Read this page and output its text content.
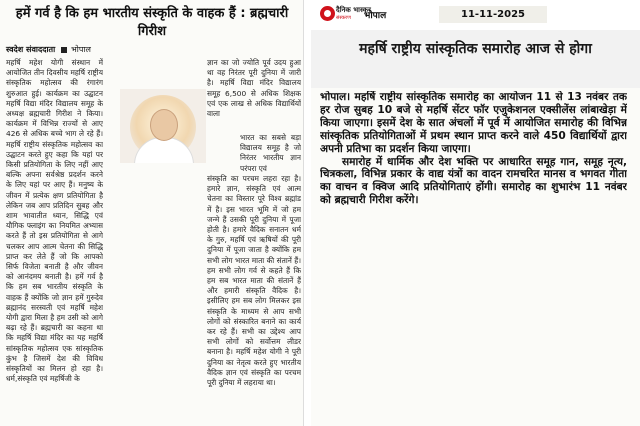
हमें गर्व है कि हम भारतीय संस्कृति के वाहक हैं : ब्रह्मचारी गिरीश
स्वदेश संवाददाता भोपाल
महर्षि महेश योगी संस्थान में आयोजित तीन दिवसीय महर्षि राष्ट्रीय संस्कृतिक महोत्सव की रंगारंग शुरुआत हुई। कार्यक्रम का उद्घाटन महर्षि विद्या मंदिर विद्यालय समूह के अध्यक्ष ब्रह्मचारी गिरीश ने किया। कार्यक्रम में विभिन्न राज्यों से आए 426 से अधिक बच्चे भाग ले रहे हैं। महर्षि राष्ट्रीय संस्कृतिक महोत्सव का उद्घाटन करते हुए कहा कि यहां पर किसी प्रतियोगिता के लिए नहीं आए बल्कि अपना सर्वश्रेष्ठ प्रदर्शन करने के लिए यहां पर आए हैं। मनुष्य के जीवन में प्रत्येक क्षण प्रतियोगिता है लेकिन जब आप प्रतिदिन सुबह और शाम भावातीत ध्यान, सिद्धि एवं यौगिक फ्लाइंग का नियमित अभ्यास करते हैं तो इस प्रतियोगिता से आगे चलकर आप आत्म चेतना की सिद्धि प्राप्त कर लेते हैं जो कि आपको सिर्फ विजेता बनाती है और जीवन को आनंदमय बनाती है। हमें गर्व है कि हम सब भारतीय संस्कृति के वाहक हैं क्योंकि जो ज्ञान हमें गुरुदेव ब्रह्मानंद सरस्वती एवं महर्षि महेश योगी द्वारा मिला है हम उसी को आगे बढ़ा रहे हैं। ब्रह्मचारी का कहना था कि महर्षि विद्या मंदिर का यह महर्षि सांस्कृतिक महोत्सव एक सांस्कृतिक कुंभ है जिसमें देश की विविध संस्कृतियों का मिलन हो रहा है। धर्म,संस्कृति एवं महर्षिजी के
ज्ञान का जो ज्योति पूर्व उदय हुआ था वह निरंतर पूरी दुनिया में जारी है। महर्षि विद्या मंदिर विद्यालय समूह 6,500 से अधिक शिक्षक एवं एक लाख से अधिक विद्यार्थियों वाला
भारत का सबसे बड़ा विद्यालय समूह है जो निरंतर भारतीय ज्ञान परंपरा एवं
संस्कृति का परचम लहरा रहा है। हमारे ज्ञान, संस्कृति एवं आत्म चेतना का विस्तार पूरे विश्व ब्रह्मांड में है। इस भारत भूमि में जो हम जन्मे हैं उसकी पूरी दुनिया में पूजा होती है। हमारे वैदिक सनातन धर्म के गुरु, महर्षि एवं ऋषियों की पूरी दुनिया में पूजा जाता है क्योंकि हम सभी लोग भारत माता की संतानें हैं। हम सभी लोग गर्व से कहते हैं कि हम सब भारत माता की संतानें हैं और हमारी संस्कृति वैदिक है। इसीलिए हम सब लोग मिलकर इस संस्कृति के माध्यम से आप सभी लोगों को संस्कारित बनाने का कार्य कर रहे हैं। सभी का उद्देश्य आप सभी लोगों को सर्वोत्तम लीडर बनाना है। महर्षि महेश योगी ने पूरी दुनिया का नेतृत्व करते हुए भारतीय वैदिक ज्ञान एवं संस्कृति का परचम पूरी दुनिया में लहराया था।
दैनिक भास्कर
संस्करण भोपाल	11-11-2025
महर्षि राष्ट्रीय सांस्कृतिक समारोह आज से होगा

भोपाल। महर्षि राष्ट्रीय सांस्कृतिक समारोह का आयोजन 11 से 13 नवंबर तक हर रोज सुबह 10 बजे से महर्षि सेंटर फॉर एजुकेशनल एक्सीलेंस लांबाखेड़ा में किया जाएगा। इसमें देश के सात अंचलों में पूर्व में आयोजित समारोह की विभिन्न सांस्कृतिक प्रतियोगिताओं में प्रथम स्थान प्राप्त करने वाले 450 विद्यार्थियों द्वारा अपनी प्रतिभा का प्रदर्शन किया जाएगा।

समारोह में धार्मिक और देश भक्ति पर आधारित समूह गान, समूह नृत्य, चित्रकला, विभिन्न प्रकार के वाद्य यंत्रों का वादन रामचरित मानस व भगवत गीता का वाचन व क्विज आदि प्रतियोगिताएं होंगी। समारोह का शुभारंभ 11 नवंबर को ब्रह्मचारी गिरीश करेंगे।
